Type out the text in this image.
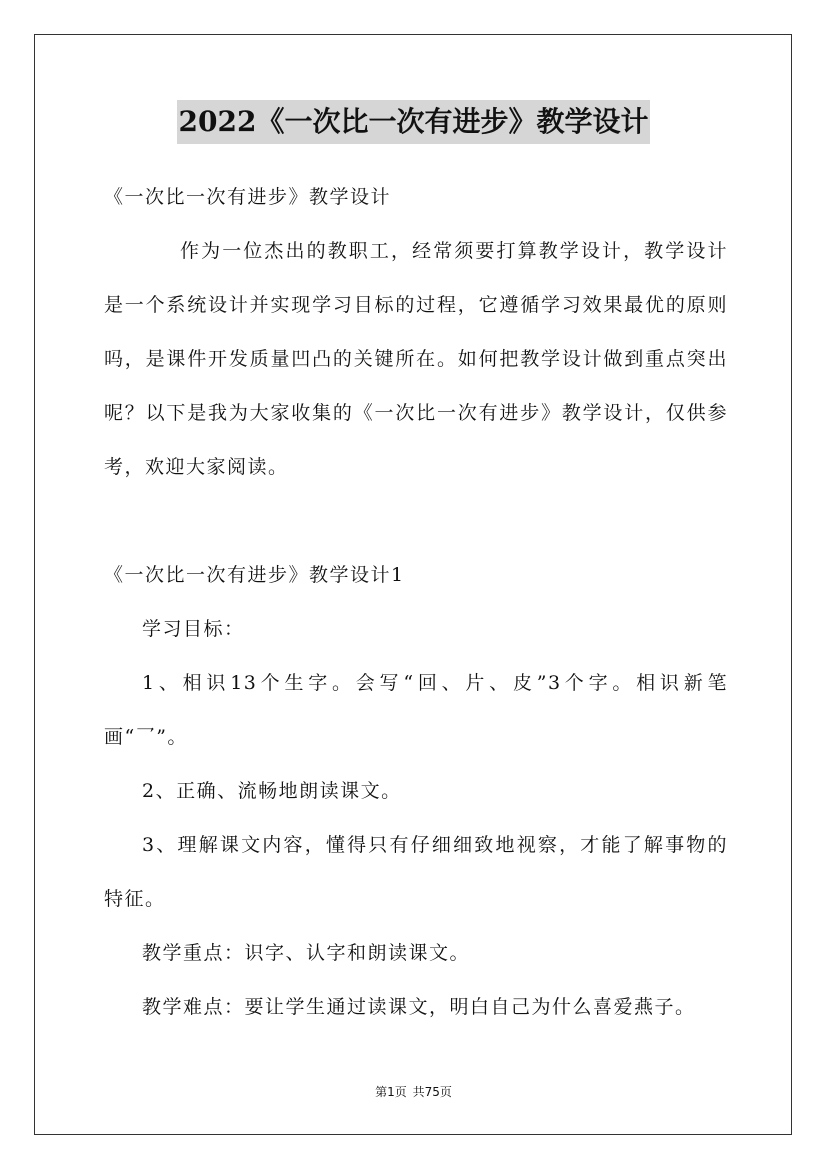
2022《一次比一次有进步》教学设计

《一次比一次有进步》教学设计

作为一位杰出的教职工，经常须要打算教学设计，教学设计是一个系统设计并实现学习目标的过程，它遵循学习效果最优的原则吗，是课件开发质量凹凸的关键所在。如何把教学设计做到重点突出呢？以下是我为大家收集的《一次比一次有进步》教学设计，仅供参考，欢迎大家阅读。

《一次比一次有进步》教学设计1

学习目标：

1、相识13个生字。会写“回、片、皮”3个字。相识新笔画“乛”。

2、正确、流畅地朗读课文。

3、理解课文内容，懂得只有仔细细致地视察，才能了解事物的特征。

教学重点：识字、认字和朗读课文。

教学难点：要让学生通过读课文，明白自己为什么喜爱燕子。

第1页 共75页
